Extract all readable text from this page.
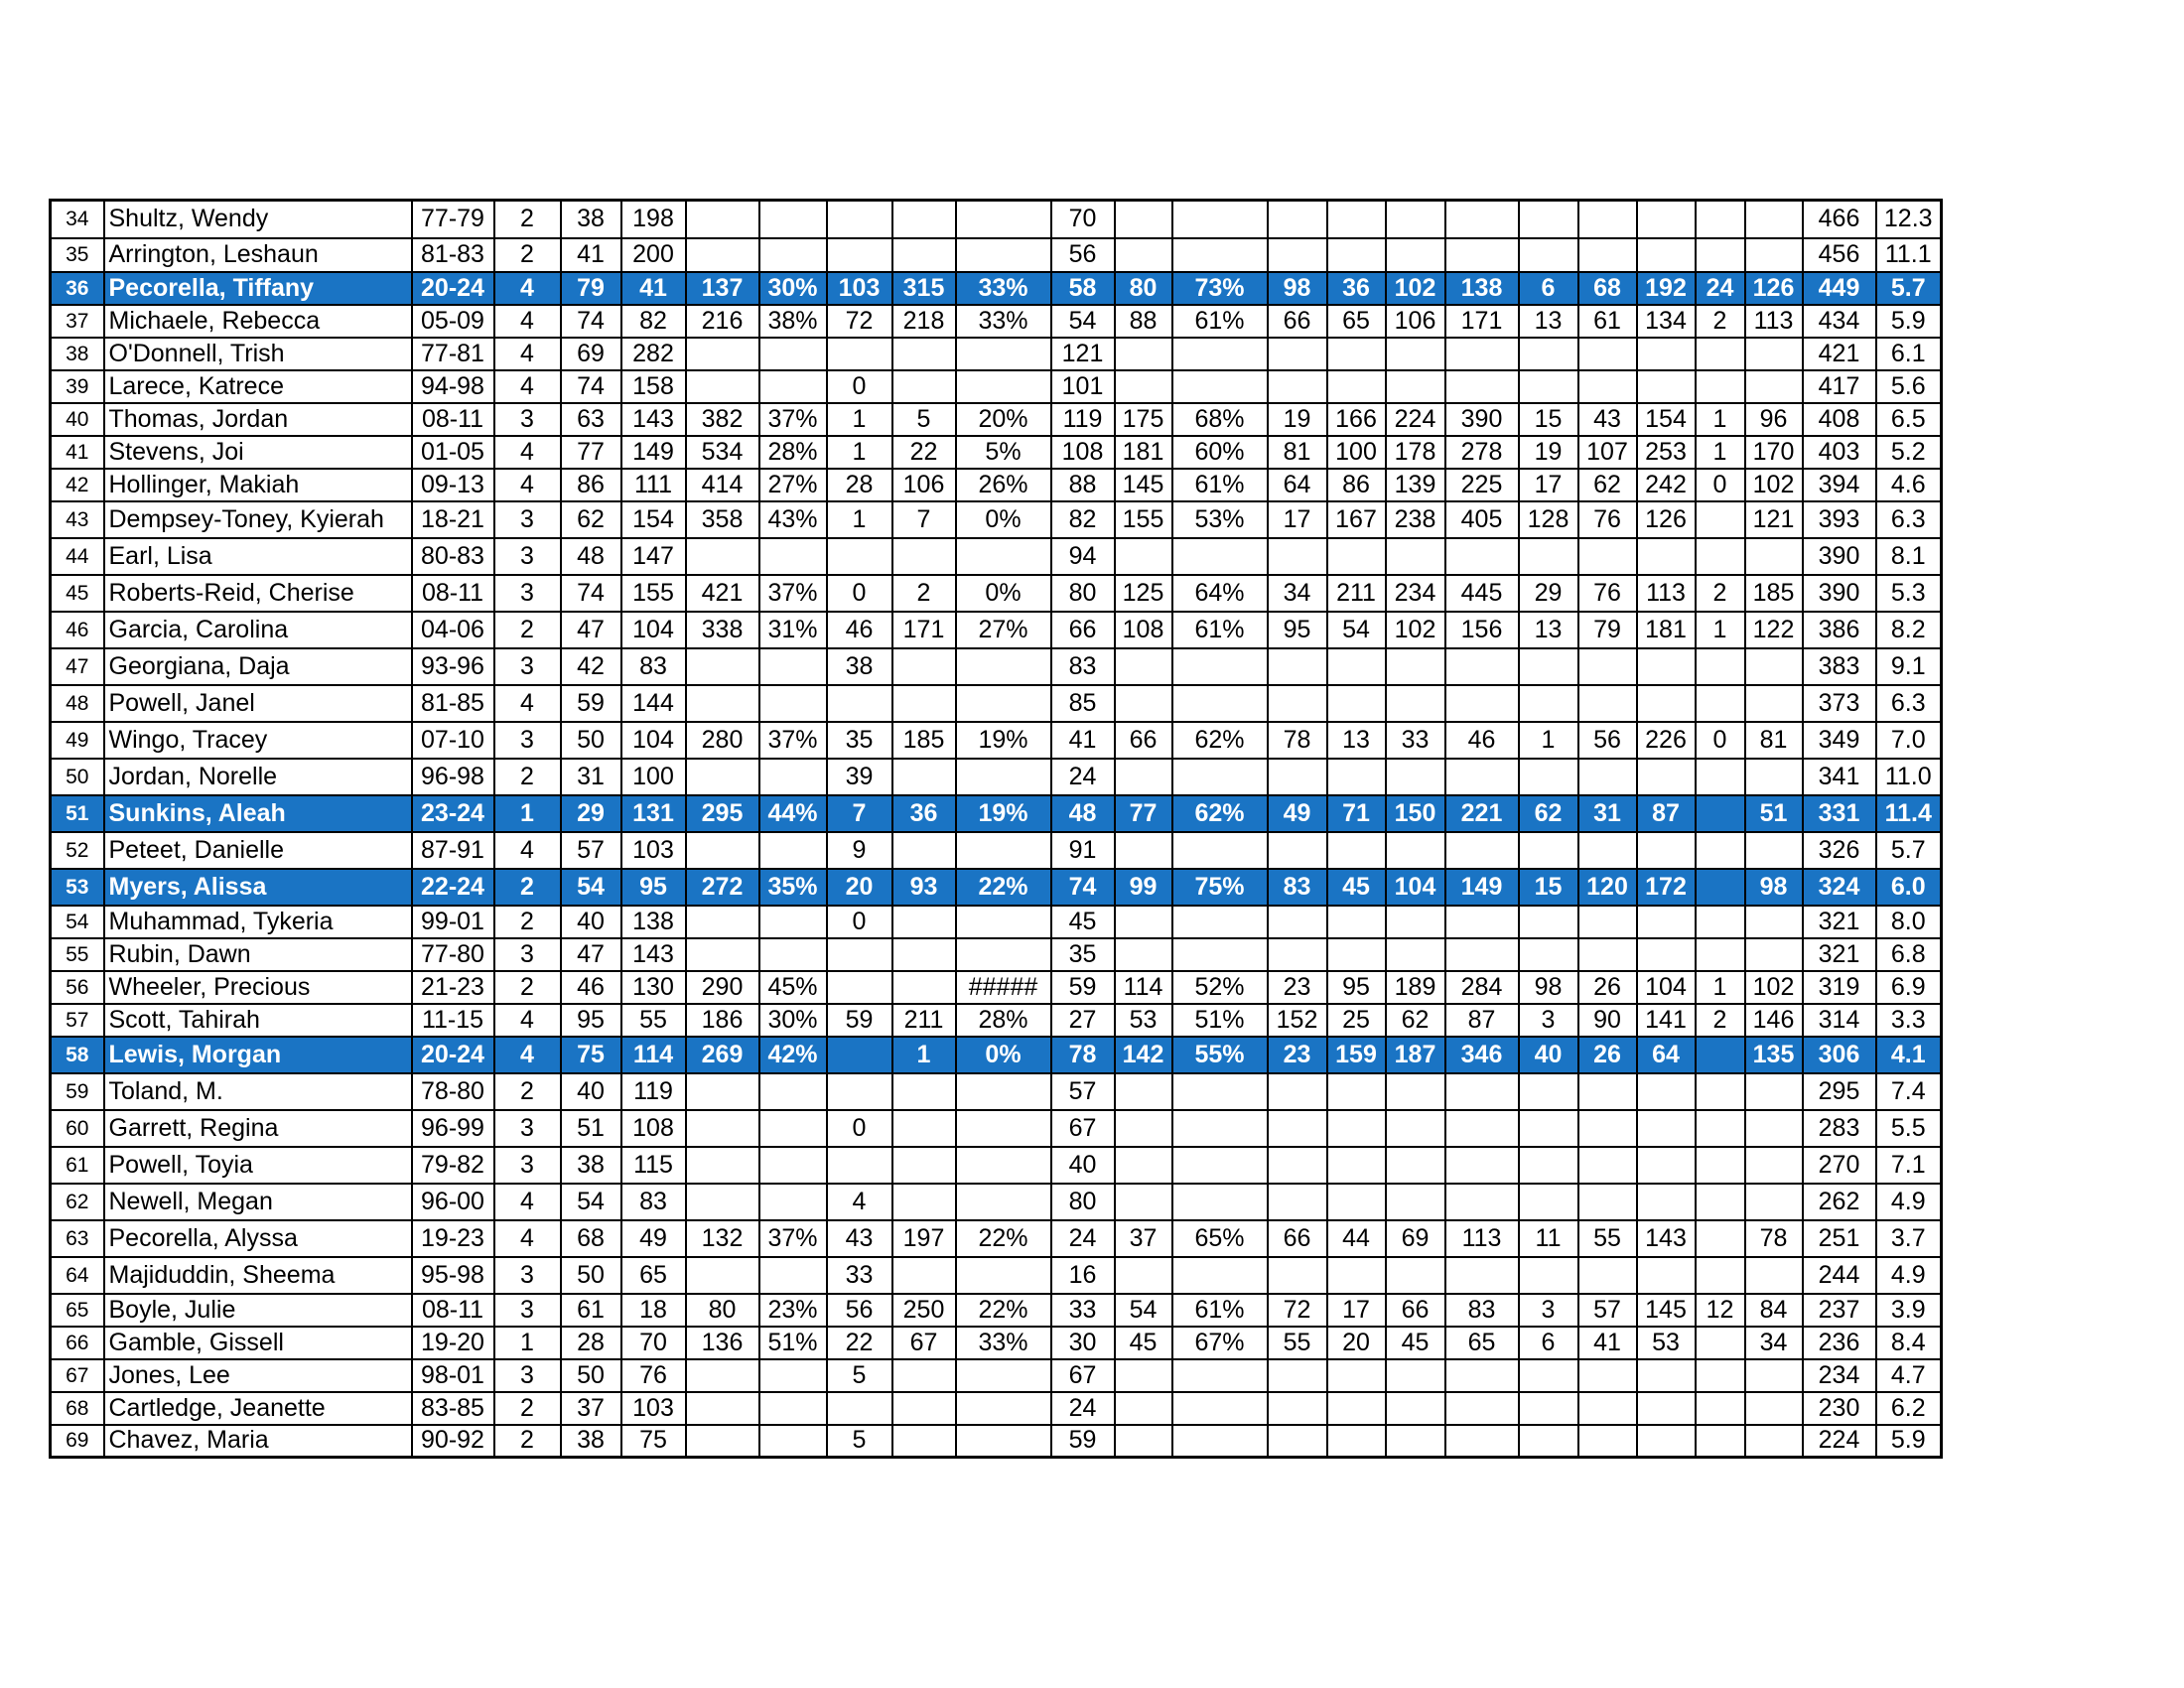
34	Shultz, Wendy	77-79	2	38	198						70												466	12.3
35	Arrington, Leshaun	81-83	2	41	200						56												456	11.1
36	Pecorella, Tiffany	20-24	4	79	41	137	30%	103	315	33%	58	80	73%	98	36	102	138	6	68	192	24	126	449	5.7
37	Michaele, Rebecca	05-09	4	74	82	216	38%	72	218	33%	54	88	61%	66	65	106	171	13	61	134	2	113	434	5.9
38	O'Donnell, Trish	77-81	4	69	282						121												421	6.1
39	Larece, Katrece	94-98	4	74	158			0			101												417	5.6
40	Thomas, Jordan	08-11	3	63	143	382	37%	1	5	20%	119	175	68%	19	166	224	390	15	43	154	1	96	408	6.5
41	Stevens, Joi	01-05	4	77	149	534	28%	1	22	5%	108	181	60%	81	100	178	278	19	107	253	1	170	403	5.2
42	Hollinger, Makiah	09-13	4	86	111	414	27%	28	106	26%	88	145	61%	64	86	139	225	17	62	242	0	102	394	4.6
43	Dempsey-Toney, Kyierah	18-21	3	62	154	358	43%	1	7	0%	82	155	53%	17	167	238	405	128	76	126		121	393	6.3
44	Earl, Lisa	80-83	3	48	147						94												390	8.1
45	Roberts-Reid, Cherise	08-11	3	74	155	421	37%	0	2	0%	80	125	64%	34	211	234	445	29	76	113	2	185	390	5.3
46	Garcia, Carolina	04-06	2	47	104	338	31%	46	171	27%	66	108	61%	95	54	102	156	13	79	181	1	122	386	8.2
47	Georgiana, Daja	93-96	3	42	83			38			83												383	9.1
48	Powell, Janel	81-85	4	59	144						85												373	6.3
49	Wingo, Tracey	07-10	3	50	104	280	37%	35	185	19%	41	66	62%	78	13	33	46	1	56	226	0	81	349	7.0
50	Jordan, Norelle	96-98	2	31	100			39			24												341	11.0
51	Sunkins, Aleah	23-24	1	29	131	295	44%	7	36	19%	48	77	62%	49	71	150	221	62	31	87		51	331	11.4
52	Peteet, Danielle	87-91	4	57	103			9			91												326	5.7
53	Myers, Alissa	22-24	2	54	95	272	35%	20	93	22%	74	99	75%	83	45	104	149	15	120	172		98	324	6.0
54	Muhammad, Tykeria	99-01	2	40	138			0			45												321	8.0
55	Rubin, Dawn	77-80	3	47	143						35												321	6.8
56	Wheeler, Precious	21-23	2	46	130	290	45%			#####	59	114	52%	23	95	189	284	98	26	104	1	102	319	6.9
57	Scott, Tahirah	11-15	4	95	55	186	30%	59	211	28%	27	53	51%	152	25	62	87	3	90	141	2	146	314	3.3
58	Lewis, Morgan	20-24	4	75	114	269	42%		1	0%	78	142	55%	23	159	187	346	40	26	64		135	306	4.1
59	Toland, M.	78-80	2	40	119						57												295	7.4
60	Garrett, Regina	96-99	3	51	108			0			67												283	5.5
61	Powell, Toyia	79-82	3	38	115						40												270	7.1
62	Newell, Megan	96-00	4	54	83			4			80												262	4.9
63	Pecorella, Alyssa	19-23	4	68	49	132	37%	43	197	22%	24	37	65%	66	44	69	113	11	55	143		78	251	3.7
64	Majiduddin, Sheema	95-98	3	50	65			33			16												244	4.9
65	Boyle, Julie	08-11	3	61	18	80	23%	56	250	22%	33	54	61%	72	17	66	83	3	57	145	12	84	237	3.9
66	Gamble, Gissell	19-20	1	28	70	136	51%	22	67	33%	30	45	67%	55	20	45	65	6	41	53		34	236	8.4
67	Jones, Lee	98-01	3	50	76			5			67												234	4.7
68	Cartledge, Jeanette	83-85	2	37	103						24												230	6.2
69	Chavez, Maria	90-92	2	38	75			5			59												224	5.9
